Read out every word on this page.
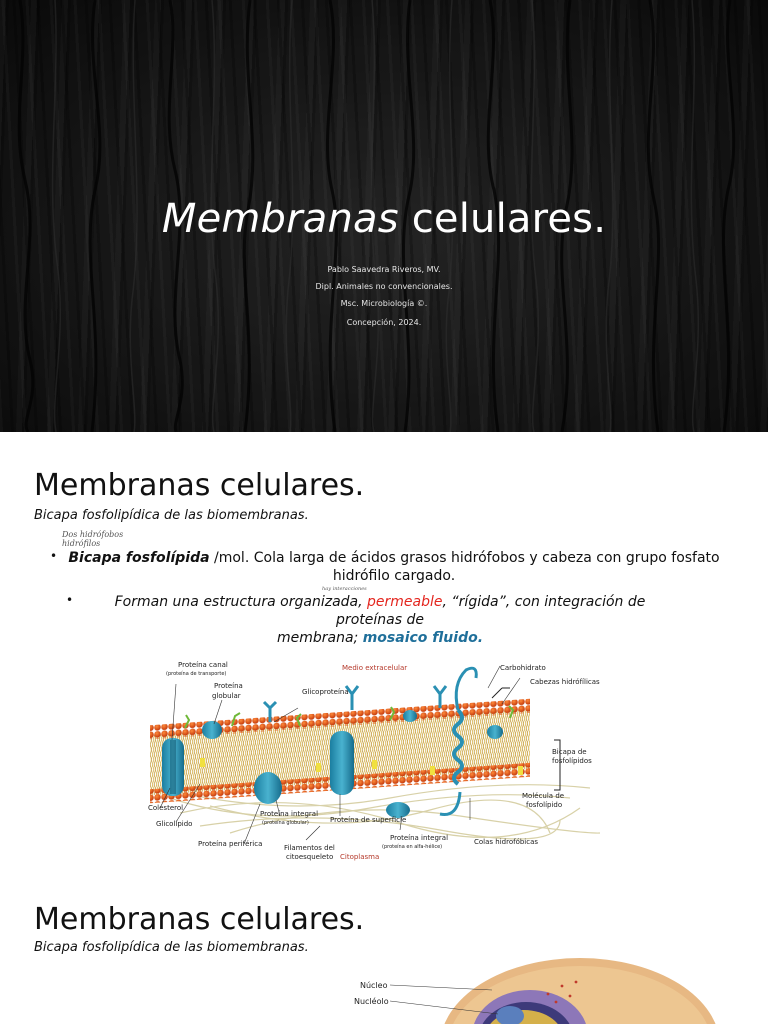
Membranas celulares.
Pablo Saavedra Riveros, MV.
Dipl. Animales no convencionales.
Msc. Microbiología ©.
Concepción, 2024.
Membranas celulares.
Bicapa fosfolipídica de las biomembranas.
Dos hidrófobos hidrófilos
hay interacciones
• Bicapa fosfolípida /mol. Cola larga de ácidos grasos hidrófobos y cabeza con grupo fosfato
hidrófilo cargado.
•	Forman una estructura organizada, permeable, “rígida”, con integración de proteínas de
membrana; mosaico fluido.
Proteína canal
(proteína de transporte)
Proteína
globular
Medio extracelular	Carbohidrato
Cabezas hidrófílicas
Glicoproteína
Bicapa de
fosfolípidos
Molécula de
fosfolípido
Colesterol
Glicolípido
Proteína integral
(proteína globular)	Proteína de superficie
Proteína integral
(proteína en alfa-hélice)
Colas hidrofóbicas
Proteína periférica	Filamentos del
citoesqueleto Citoplasma
Membranas celulares.
Bicapa fosfolipídica de las biomembranas.
Núcleo
Nucléolo
